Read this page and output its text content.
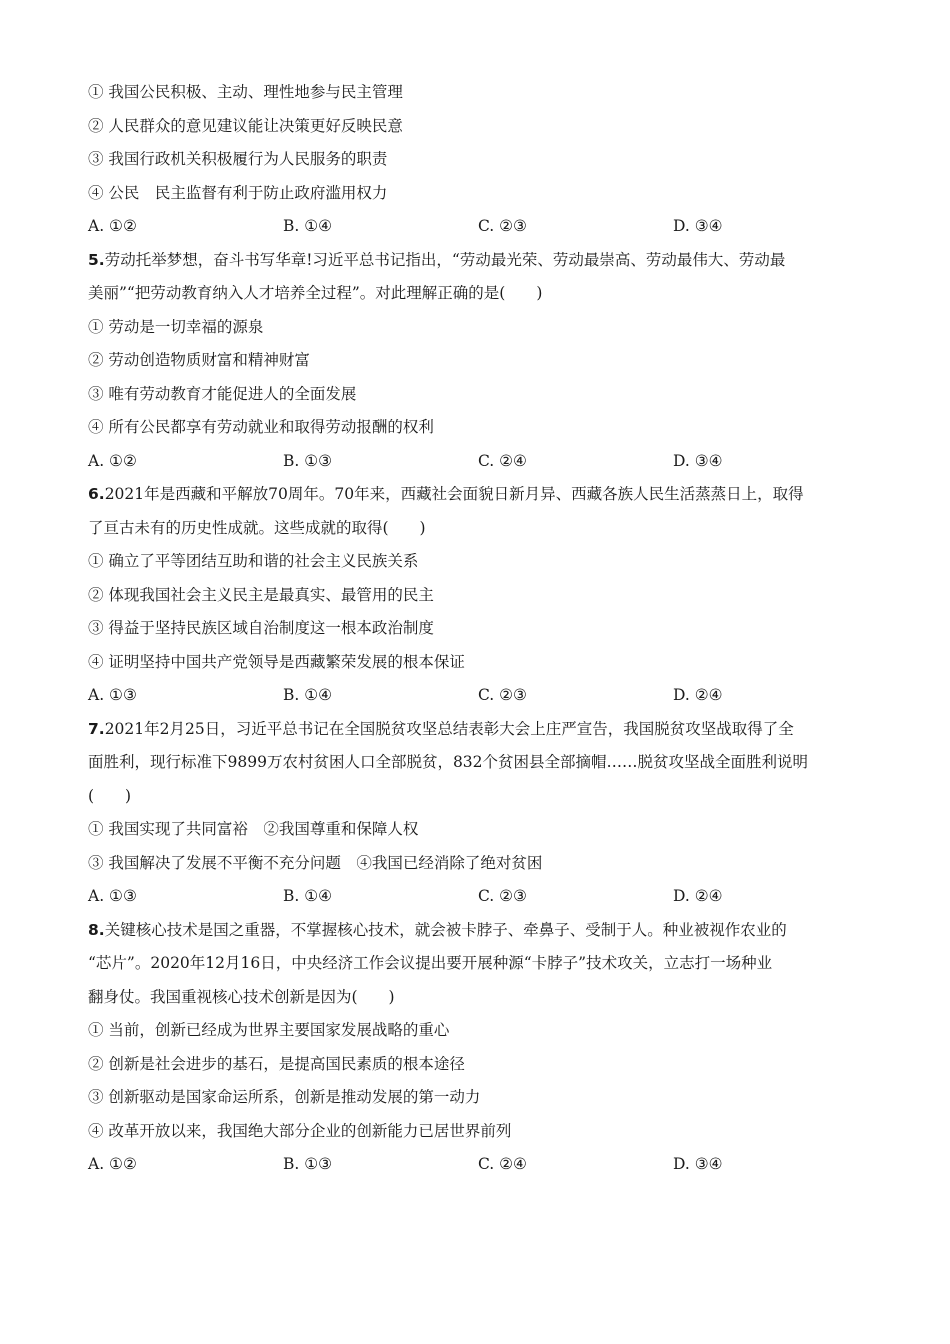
① 我国公民积极、主动、理性地参与民主管理
② 人民群众的意见建议能让决策更好反映民意
③ 我国行政机关积极履行为人民服务的职责
④ 公民　民主监督有利于防止政府滥用权力
A. ①②	B. ①④	C. ②③	D. ③④
5.劳动托举梦想，奋斗书写华章!习近平总书记指出，“劳动最光荣、劳动最崇高、劳动最伟大、劳动最
美丽”“把劳动教育纳入人才培养全过程”。对此理解正确的是(　　)
① 劳动是一切幸福的源泉
② 劳动创造物质财富和精神财富
③ 唯有劳动教育才能促进人的全面发展
④ 所有公民都享有劳动就业和取得劳动报酬的权利
A. ①②	B. ①③	C. ②④	D. ③④
6.2021年是西藏和平解放70周年。70年来，西藏社会面貌日新月异、西藏各族人民生活蒸蒸日上，取得
了亘古未有的历史性成就。这些成就的取得(　　)
① 确立了平等团结互助和谐的社会主义民族关系
② 体现我国社会主义民主是最真实、最管用的民主
③ 得益于坚持民族区域自治制度这一根本政治制度
④ 证明坚持中国共产党领导是西藏繁荣发展的根本保证
A. ①③	B. ①④	C. ②③	D. ②④
7.2021年2月25日，习近平总书记在全国脱贫攻坚总结表彰大会上庄严宣告，我国脱贫攻坚战取得了全
面胜利，现行标准下9899万农村贫困人口全部脱贫，832个贫困县全部摘帽……脱贫攻坚战全面胜利说明
(　　)
① 我国实现了共同富裕　②我国尊重和保障人权
③ 我国解决了发展不平衡不充分问题　④我国已经消除了绝对贫困
A. ①③	B. ①④	C. ②③	D. ②④
8.关键核心技术是国之重器，不掌握核心技术，就会被卡脖子、牵鼻子、受制于人。种业被视作农业的
“芯片”。2020年12月16日，中央经济工作会议提出要开展种源“卡脖子”技术攻关，立志打一场种业
翻身仗。我国重视核心技术创新是因为(　　)
① 当前，创新已经成为世界主要国家发展战略的重心
② 创新是社会进步的基石，是提高国民素质的根本途径
③ 创新驱动是国家命运所系，创新是推动发展的第一动力
④ 改革开放以来，我国绝大部分企业的创新能力已居世界前列
A. ①②	B. ①③	C. ②④	D. ③④
